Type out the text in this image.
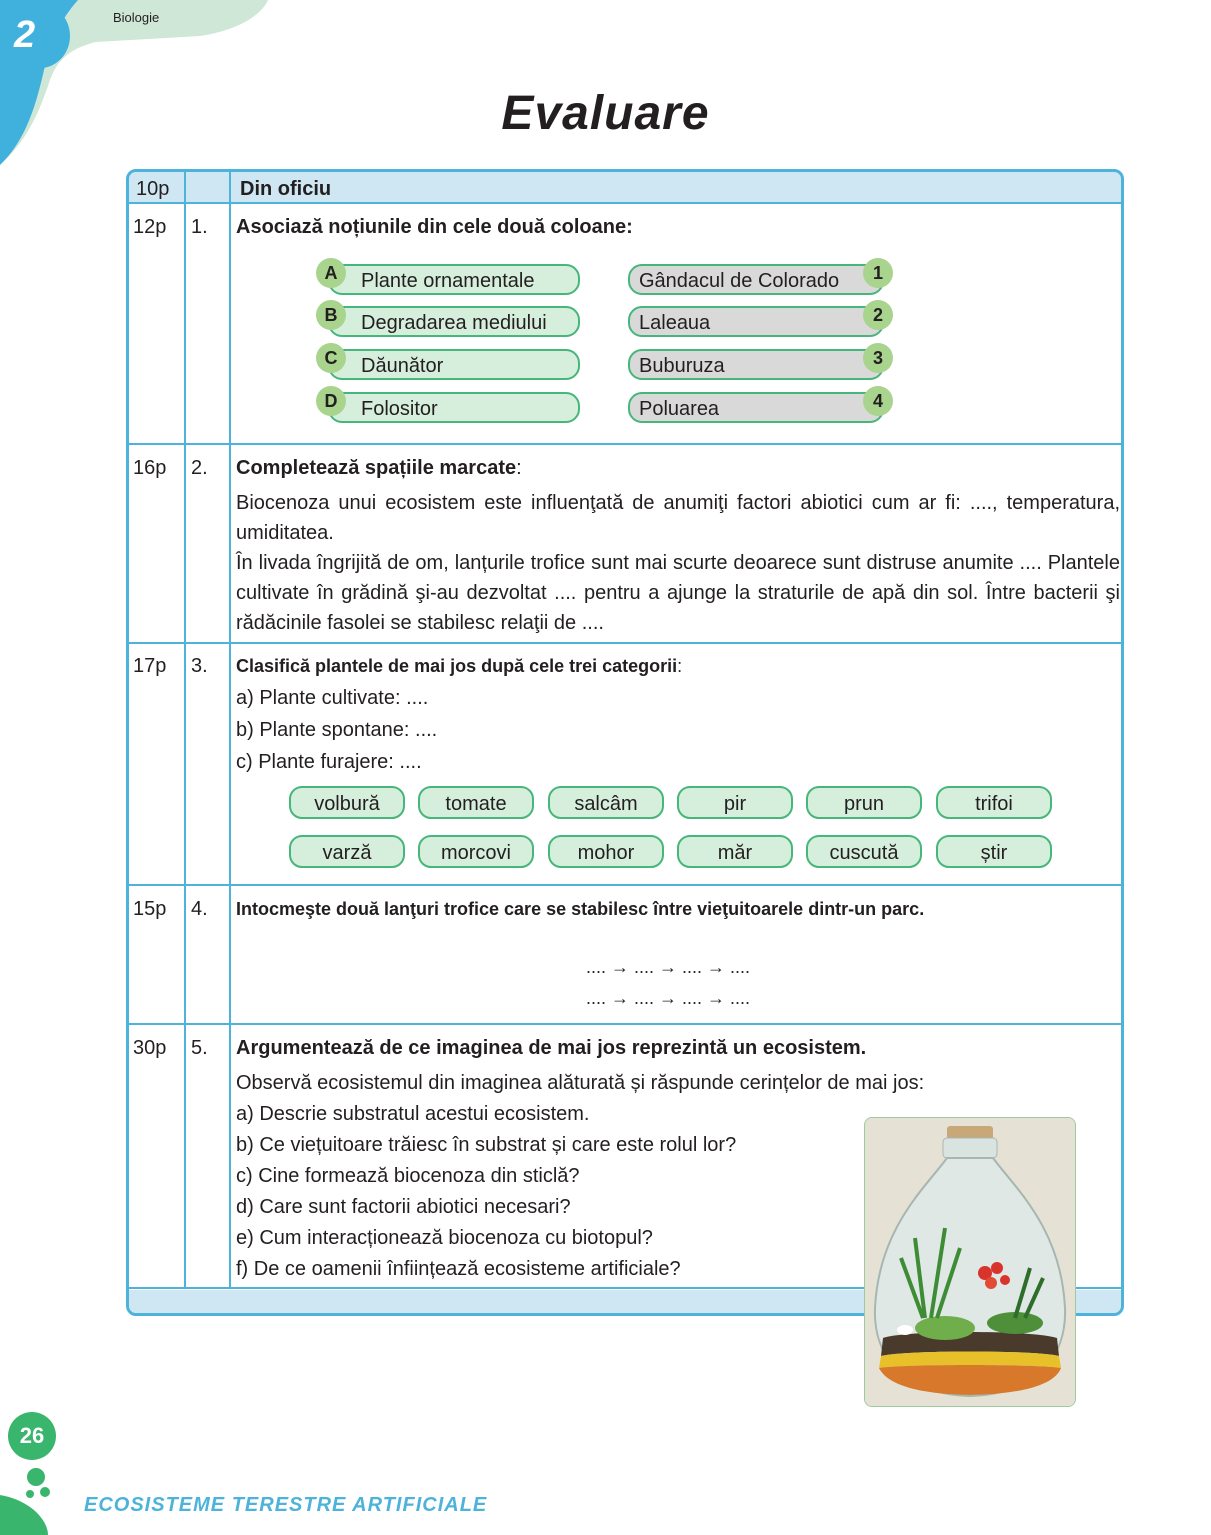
2	Biologie
Evaluare
10p	Din oficiu
12p 1. Asociază noțiunile din cele două coloane:
Plante ornamentale
Degradarea mediului
Dăunător
Folositor
A
B
C
D
Gândacul de Colorado
Laleaua
Buburuza
Poluarea
1
2
3
4
16p 2. Completează spațiile marcate:
Biocenoza unui ecosistem este influenţată de anumiţi factori abiotici cum ar fi: ...., temperatura, umiditatea.
În livada îngrijită de om, lanțurile trofice sunt mai scurte deoarece sunt distruse anumite .... Plantele cultivate în grădină şi-au dezvoltat .... pentru a ajunge la straturile de apă din sol. Între bacterii şi rădăcinile fasolei se stabilesc relaţii de ....
17p 3. Clasifică plantele de mai jos după cele trei categorii:
a) Plante cultivate: ....
b) Plante spontane: ....
c) Plante furajere: ....
volbură	tomate	salcâm	pir	prun	trifoi
varză	morcovi	mohor	măr	cuscută	știr
15p 4. Intocmeşte două lanţuri trofice care se stabilesc între vieţuitoarele dintr-un parc.
.... → .... → .... → ....
.... → .... → .... → ....
30p 5. Argumentează de ce imaginea de mai jos reprezintă un ecosistem.
Observă ecosistemul din imaginea alăturată și răspunde cerințelor de mai jos:
a) Descrie substratul acestui ecosistem.
b) Ce viețuitoare trăiesc în substrat și care este rolul lor?
c) Cine formează biocenoza din sticlă?
d) Care sunt factorii abiotici necesari?
e) Cum interacționează biocenoza cu biotopul?
f) De ce oamenii înființează ecosisteme artificiale?
26
ECOSISTEME TERESTRE ARTIFICIALE
